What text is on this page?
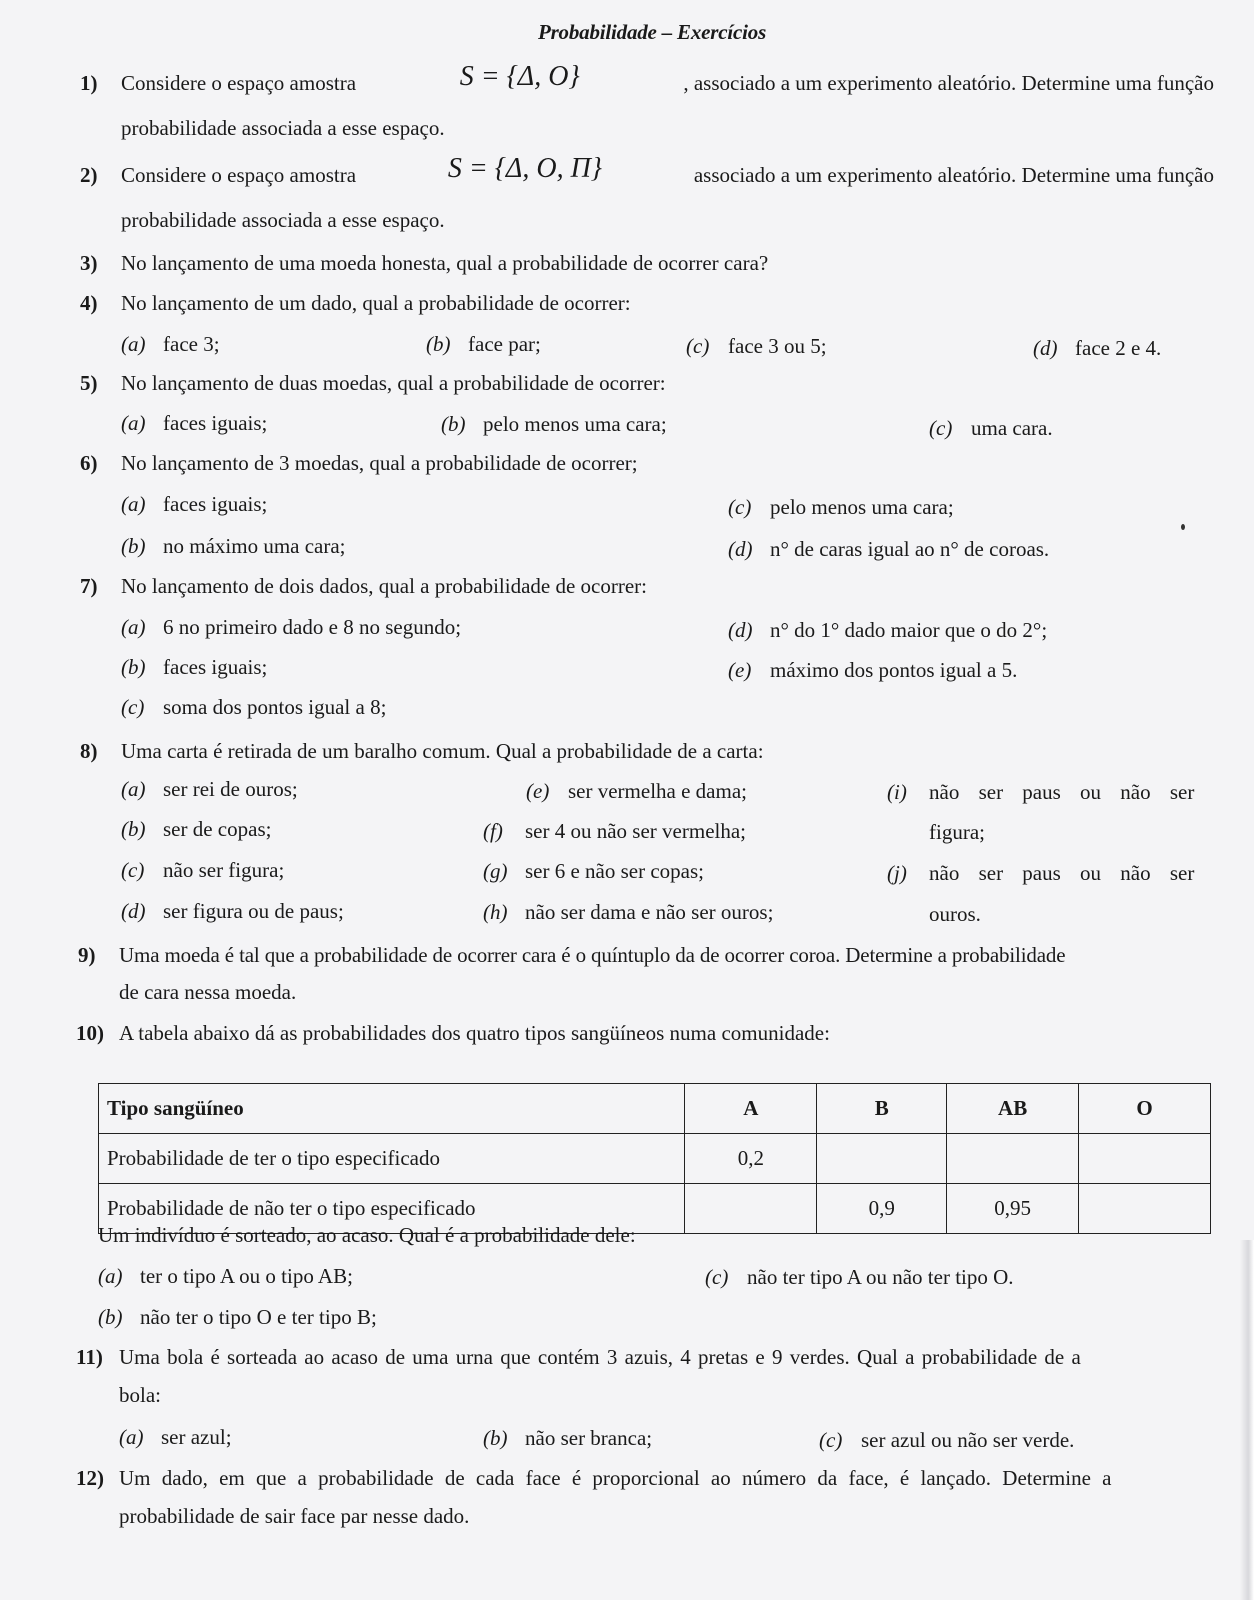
Probabilidade – Exercícios
1) Considere o espaço amostra	S = {Δ, O}	, associado a um experimento aleatório. Determine uma função
probabilidade associada a esse espaço.
2) Considere o espaço amostra	S = {Δ, O, Π}	associado a um experimento aleatório. Determine uma função
probabilidade associada a esse espaço.
3) No lançamento de uma moeda honesta, qual a probabilidade de ocorrer cara?
4) No lançamento de um dado, qual a probabilidade de ocorrer:
(a) face 3;	(b) face par;	(c) face 3 ou 5;	(d) face 2 e 4.
5) No lançamento de duas moedas, qual a probabilidade de ocorrer:
(a) faces iguais;	(b) pelo menos uma cara;	(c) uma cara.
6) No lançamento de 3 moedas, qual a probabilidade de ocorrer;
(a) faces iguais;
(b) no máximo uma cara;
(c) pelo menos uma cara;
(d) n° de caras igual ao n° de coroas.
7) No lançamento de dois dados, qual a probabilidade de ocorrer:
(a) 6 no primeiro dado e 8 no segundo;
(b) faces iguais;
(c) soma dos pontos igual a 8;
(d) n° do 1° dado maior que o do 2°;
(e) máximo dos pontos igual a 5.
8) Uma carta é retirada de um baralho comum. Qual a probabilidade de a carta:
(a) ser rei de ouros;
(b) ser de copas;
(c) não ser figura;
(d) ser figura ou de paus;
(e) ser vermelha e dama;
(f) ser 4 ou não ser vermelha;
(g) ser 6 e não ser copas;
(h) não ser dama e não ser ouros;
(i) não ser paus ou não ser
figura;
(j) não ser paus ou não ser
ouros.
9) Uma moeda é tal que a probabilidade de ocorrer cara é o quíntuplo da de ocorrer coroa. Determine a probabilidade
de cara nessa moeda.
10) A tabela abaixo dá as probabilidades dos quatro tipos sangüíneos numa comunidade:
Tipo sangüíneo	A	B	AB	O
Probabilidade de ter o tipo especificado	0,2			
Probabilidade de não ter o tipo especificado		0,9	0,95	
Um indivíduo é sorteado, ao acaso. Qual é a probabilidade dele:
(a) ter o tipo A ou o tipo AB;
(b) não ter o tipo O e ter tipo B;
(c) não ter tipo A ou não ter tipo O.
11) Uma bola é sorteada ao acaso de uma urna que contém 3 azuis, 4 pretas e 9 verdes. Qual a probabilidade de a
bola:
(a) ser azul;	(b) não ser branca;	(c) ser azul ou não ser verde.
12) Um dado, em que a probabilidade de cada face é proporcional ao número da face, é lançado. Determine a
probabilidade de sair face par nesse dado.
